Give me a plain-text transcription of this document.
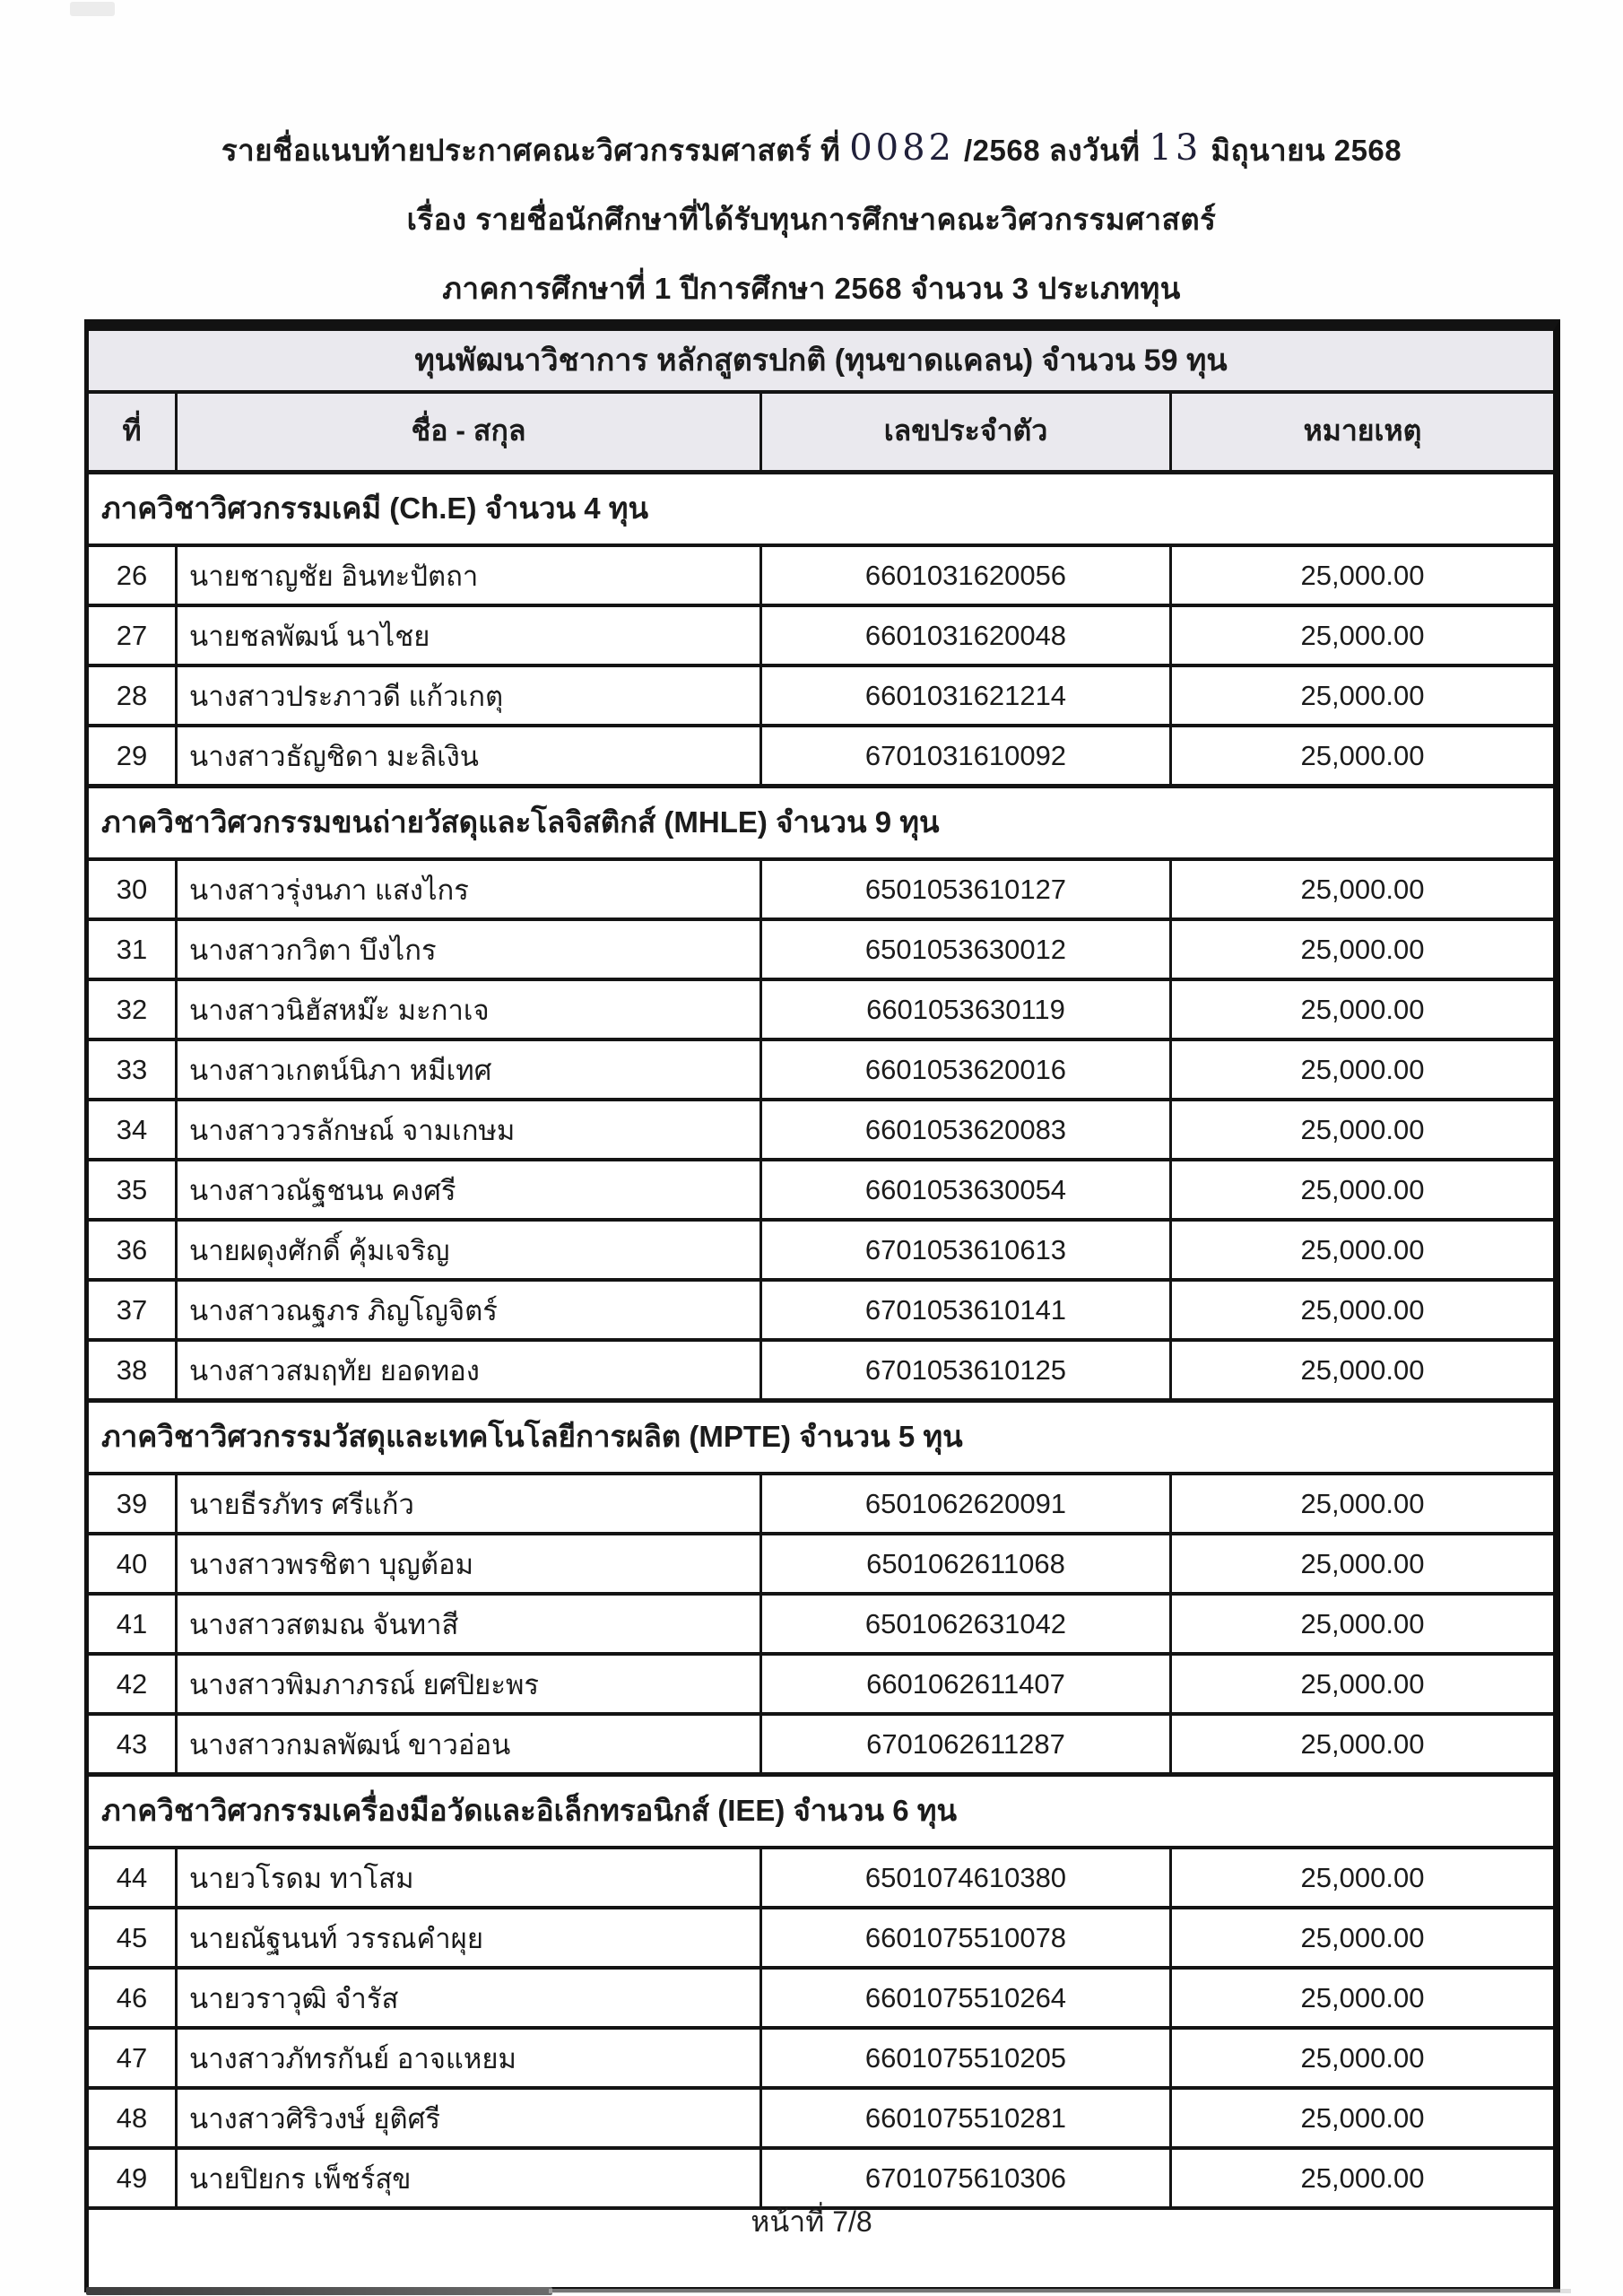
รายชื่อแนบท้ายประกาศคณะวิศวกรรมศาสตร์ ที่ 0082 /2568 ลงวันที่ 13 มิถุนายน 2568
เรื่อง รายชื่อนักศึกษาที่ได้รับทุนการศึกษาคณะวิศวกรรมศาสตร์
ภาคการศึกษาที่ 1 ปีการศึกษา 2568 จำนวน 3 ประเภททุน
ทุนพัฒนาวิชาการ หลักสูตรปกติ (ทุนขาดแคลน) จำนวน 59 ทุน
ที่	ชื่อ - สกุล	เลขประจำตัว	หมายเหตุ
ภาควิชาวิศวกรรมเคมี (Ch.E) จำนวน 4 ทุน
26	นายชาญชัย อินทะปัตถา	6601031620056	25,000.00
27	นายชลพัฒน์ นาไชย	6601031620048	25,000.00
28	นางสาวประภาวดี แก้วเกตุ	6601031621214	25,000.00
29	นางสาวธัญชิดา มะลิเงิน	6701031610092	25,000.00
ภาควิชาวิศวกรรมขนถ่ายวัสดุและโลจิสติกส์ (MHLE) จำนวน 9 ทุน
30	นางสาวรุ่งนภา แสงไกร	6501053610127	25,000.00
31	นางสาวกวิตา บึงไกร	6501053630012	25,000.00
32	นางสาวนิฮัสหม๊ะ มะกาเจ	6601053630119	25,000.00
33	นางสาวเกตน์นิภา หมีเทศ	6601053620016	25,000.00
34	นางสาววรลักษณ์ จามเกษม	6601053620083	25,000.00
35	นางสาวณัฐชนน คงศรี	6601053630054	25,000.00
36	นายผดุงศักดิ์ คุ้มเจริญ	6701053610613	25,000.00
37	นางสาวณฐภร ภิญโญจิตร์	6701053610141	25,000.00
38	นางสาวสมฤทัย ยอดทอง	6701053610125	25,000.00
ภาควิชาวิศวกรรมวัสดุและเทคโนโลยีการผลิต (MPTE) จำนวน 5 ทุน
39	นายธีรภัทร ศรีแก้ว	6501062620091	25,000.00
40	นางสาวพรชิตา บุญต้อม	6501062611068	25,000.00
41	นางสาวสตมณ จันทาสี	6501062631042	25,000.00
42	นางสาวพิมภาภรณ์ ยศปิยะพร	6601062611407	25,000.00
43	นางสาวกมลพัฒน์ ขาวอ่อน	6701062611287	25,000.00
ภาควิชาวิศวกรรมเครื่องมือวัดและอิเล็กทรอนิกส์ (IEE) จำนวน 6 ทุน
44	นายวโรดม ทาโสม	6501074610380	25,000.00
45	นายณัฐนนท์ วรรณคำผุย	6601075510078	25,000.00
46	นายวราวุฒิ จำรัส	6601075510264	25,000.00
47	นางสาวภัทรกันย์ อาจแหยม	6601075510205	25,000.00
48	นางสาวศิริวงษ์ ยุติศรี	6601075510281	25,000.00
49	นายปิยกร เพ็ชร์สุข	6701075610306	25,000.00
หน้าที่ 7/8
